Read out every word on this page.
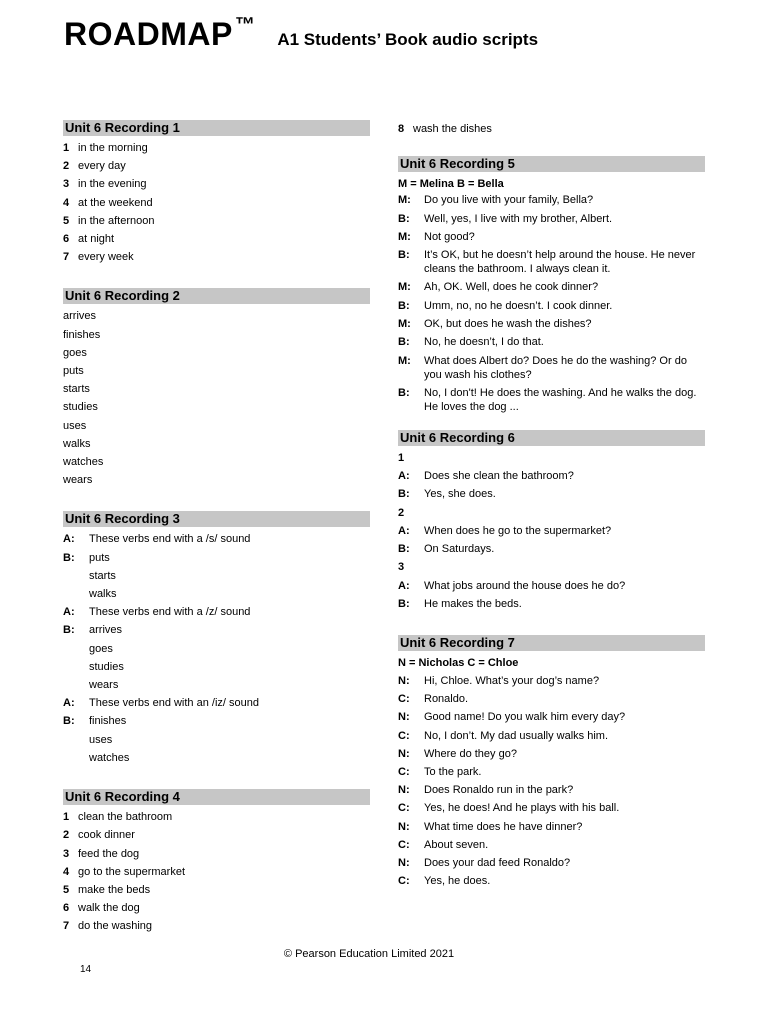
ROADMAP ™
A1 Students’ Book audio scripts
Unit 6 Recording 1
1 in the morning
2 every day
3 in the evening
4 at the weekend
5 in the afternoon
6 at night
7 every week
Unit 6 Recording 2
arrives
finishes
goes
puts
starts
studies
uses
walks
watches
wears
Unit 6 Recording 3
A:	These verbs end with a /s/ sound
B:	puts
starts
walks
A:	These verbs end with a /z/ sound
B:	arrives
goes
studies
wears
A:	These verbs end with an /iz/ sound
B:	finishes
uses
watches
Unit 6 Recording 4
1 clean the bathroom
2 cook dinner
3 feed the dog
4 go to the supermarket
5 make the beds
6 walk the dog
7 do the washing
8 wash the dishes
Unit 6 Recording 5
M = Melina B = Bella
M:	Do you live with your family, Bella?
B:	Well, yes, I live with my brother, Albert.
M:	Not good?
B:	It’s OK, but he doesn’t help around the house. He never cleans the bathroom. I always clean it.
M:	Ah, OK. Well, does he cook dinner?
B:	Umm, no, no he doesn’t. I cook dinner.
M:	OK, but does he wash the dishes?
B:	No, he doesn’t, I do that.
M:	What does Albert do? Does he do the washing? Or do you wash his clothes?
B:	No, I don't! He does the washing. And he walks the dog. He loves the dog ...
Unit 6 Recording 6
1
A:	Does she clean the bathroom?
B:	Yes, she does.
2
A:	When does he go to the supermarket?
B:	On Saturdays.
3
A:	What jobs around the house does he do?
B:	He makes the beds.
Unit 6 Recording 7
N = Nicholas C = Chloe
N:	Hi, Chloe. What’s your dog’s name?
C:	Ronaldo.
N:	Good name! Do you walk him every day?
C:	No, I don’t. My dad usually walks him.
N:	Where do they go?
C:	To the park.
N:	Does Ronaldo run in the park?
C:	Yes, he does! And he plays with his ball.
N:	What time does he have dinner?
C:	About seven.
N:	Does your dad feed Ronaldo?
C:	Yes, he does.
© Pearson Education Limited 2021
14
